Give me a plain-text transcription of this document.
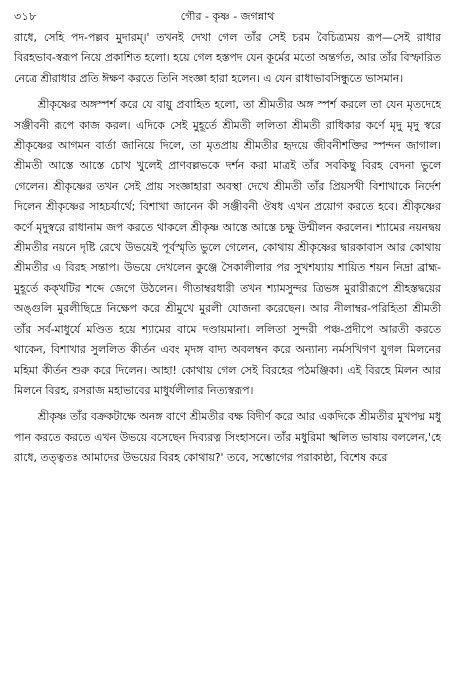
৩১৮	গৌর - কৃষ্ণ - জগন্নাথ

রাধে, সেহি পদ-পল্লব মুদারম্।' তখনই দেখা গেল তাঁর সেই চরম বৈচিত্র্যময় রূপ—সেই রাধার বিরহভাব-স্বরূপ নিয়ে প্রকাশিত হলো। হয়ে গেল হস্তপদ যেন কূর্মের মতো অন্তর্গত, আর তাঁর বিস্ফারিত নেত্রে শ্রীরাধার প্রতি ঈক্ষণ করতে তিনি সংজ্ঞা হারা হলেন। এ যেন রাধাভাবসিন্ধুতে ভাসমান।

শ্রীকৃষ্ণের অঙ্গস্পর্শ করে যে বায়ু প্রবাহিত হলো, তা শ্রীমতীর অঙ্গ স্পর্শ করলে তা যেন মৃতদেহে সঞ্জীবনী রূপে কাজ করল। এদিকে সেই মুহূর্তে শ্রীমতী ললিতা শ্রীমতী রাধিকার কর্ণে মৃদু মৃদু স্বরে শ্রীকৃষ্ণের আগমন বার্তা জানিয়ে দিলে, তা মৃতপ্রায় শ্রীমতীর হৃদয়ে জীবনীশক্তির স্পন্দন জাগাল। শ্রীমতী আস্তে আস্তে চোখ খুলেই প্রাণবল্লভকে দর্শন করা মাত্রই তাঁর সবকিছু বিরহ বেদনা ভুলে গেলেন। শ্রীকৃষ্ণের তখন সেই প্রায় সংজ্ঞাহারা অবস্থা দেখে শ্রীমতী তাঁর প্রিয়সখী বিশাখাকে নির্দেশ দিলেন শ্রীকৃষ্ণের সাহচর্যার্থে; বিশাখা জানেন কী সঞ্জীবনী ঔষধ এখন প্রয়োগ করতে হবে। শ্রীকৃষ্ণের কর্ণে মৃদুস্বরে রাধানাম জপ করতে থাকলে শ্রীকৃষ্ণ আস্তে আস্তে চক্ষু উন্মীলন করলেন। শ্যামের নয়নদ্বয় শ্রীমতীর নয়নে দৃষ্টি রেখে উভয়েই পূর্বস্মৃতি ভুলে গেলেন, কোথায় শ্রীকৃষ্ণের দ্বারকাবাস আর কোথায় শ্রীমতীর এ বিরহ সন্তাপ। উভয়ে দেখলেন কুঞ্জে সৈকালীলার পর সুখশয্যায় শায়িত শয়ন নিদ্রা ব্রাহ্ম-মুহূর্তে কক্খটির শব্দে জেগে উঠলেন। গীতাম্বরধারী তখন শ্যামসুন্দর ত্রিভঙ্গ মুরারীরূপে শ্রীহস্তদ্বয়ের অঙ্গুলি মুরলীছিদ্রে নিক্ষেপ করে শ্রীমুখে মুরলী যোজনা করেছেন। আর নীলাম্বর-পরিহিতা শ্রীমতী তাঁর সর্ব-মাধুর্যে মণ্ডিত হয়ে শ্যামের বামে দণ্ডায়মানা। ললিতা সুন্দরী পঞ্চ-প্রদীপে আরতী করতে থাকেন, বিশাখার সুললিত কীর্তন এবং মৃদঙ্গ বাদ্য অবলম্বন করে অন্যান্য নর্মসখিগণ যুগল মিলনের মহিমা কীর্তন শুরু করে দিলেন। আহা! কোথায় গেল সেই বিরহের পঠমঞ্জিকা। এই বিরহে মিলন আর মিলনে বিরহ, রসরাজ মহাভাবের মাধুর্যলীলার নিত্যস্বরূপ।

শ্রীকৃষ্ণ তাঁর বক্রকটাক্ষে অনঙ্গ বাণে শ্রীমতীর বক্ষ বিদীর্ণ করে আর একদিকে শ্রীমতীর মুখপদ্ম মধু পান করতে করতে এখন উভয়ে বসেছেন দিব্যরত্ন সিংহাসনে। তাঁর মধুরিমা স্খলিত ভাষায় বললেন,'হে রাধে, তত্ত্বতঃ আমাদের উভয়ের বিরহ কোথায়?' তবে, সম্ভোগের পরাকাষ্ঠা, বিশেষ করে
